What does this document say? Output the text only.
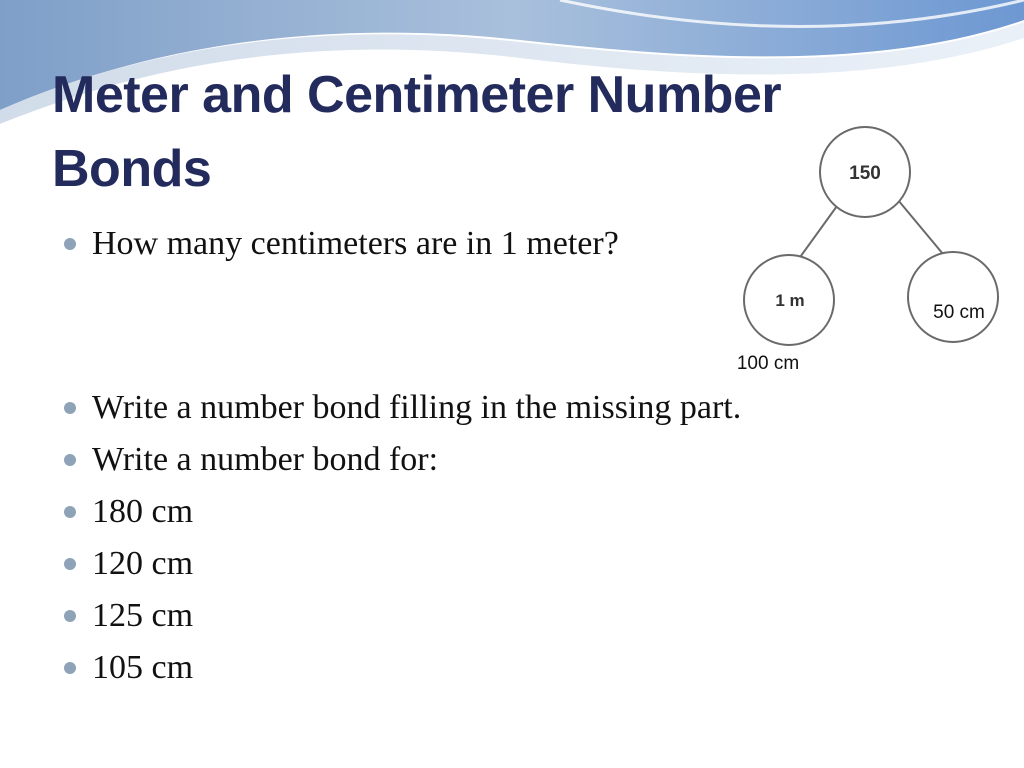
Meter and Centimeter Number
Bonds
How many centimeters are in 1 meter?
Write a number bond filling in the missing part.
Write a number bond for:
180 cm
120 cm
125 cm
105 cm
150
1 m
100 cm
50 cm
